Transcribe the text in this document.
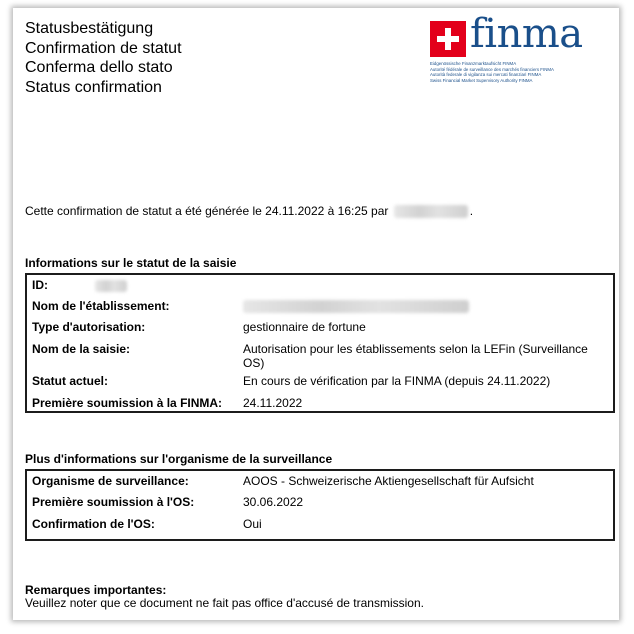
Statusbestätigung
Confirmation de statut
Conferma dello stato
Status confirmation
finma
Eidgenössische Finanzmarktaufsicht FINMA
Autorité fédérale de surveillance des marchés financiers FINMA
Autorità federale di vigilanza sui mercati finanziari FINMA
Swiss Financial Market Supervisory Authority FINMA
Cette confirmation de statut a été générée le 24.11.2022 à 16:25 par	.
Informations sur le statut de la saisie
ID:
Nom de l'établissement:
Type d'autorisation:	gestionnaire de fortune
Nom de la saisie:	Autorisation pour les établissements selon la LEFin (Surveillance OS)
Statut actuel:	En cours de vérification par la FINMA (depuis 24.11.2022)
Première soumission à la FINMA: 24.11.2022
Plus d'informations sur l'organisme de la surveillance
Organisme de surveillance:	AOOS - Schweizerische Aktiengesellschaft für Aufsicht
Première soumission à l'OS:	30.06.2022
Confirmation de l'OS:	Oui
Remarques importantes:
Veuillez noter que ce document ne fait pas office d'accusé de transmission.
